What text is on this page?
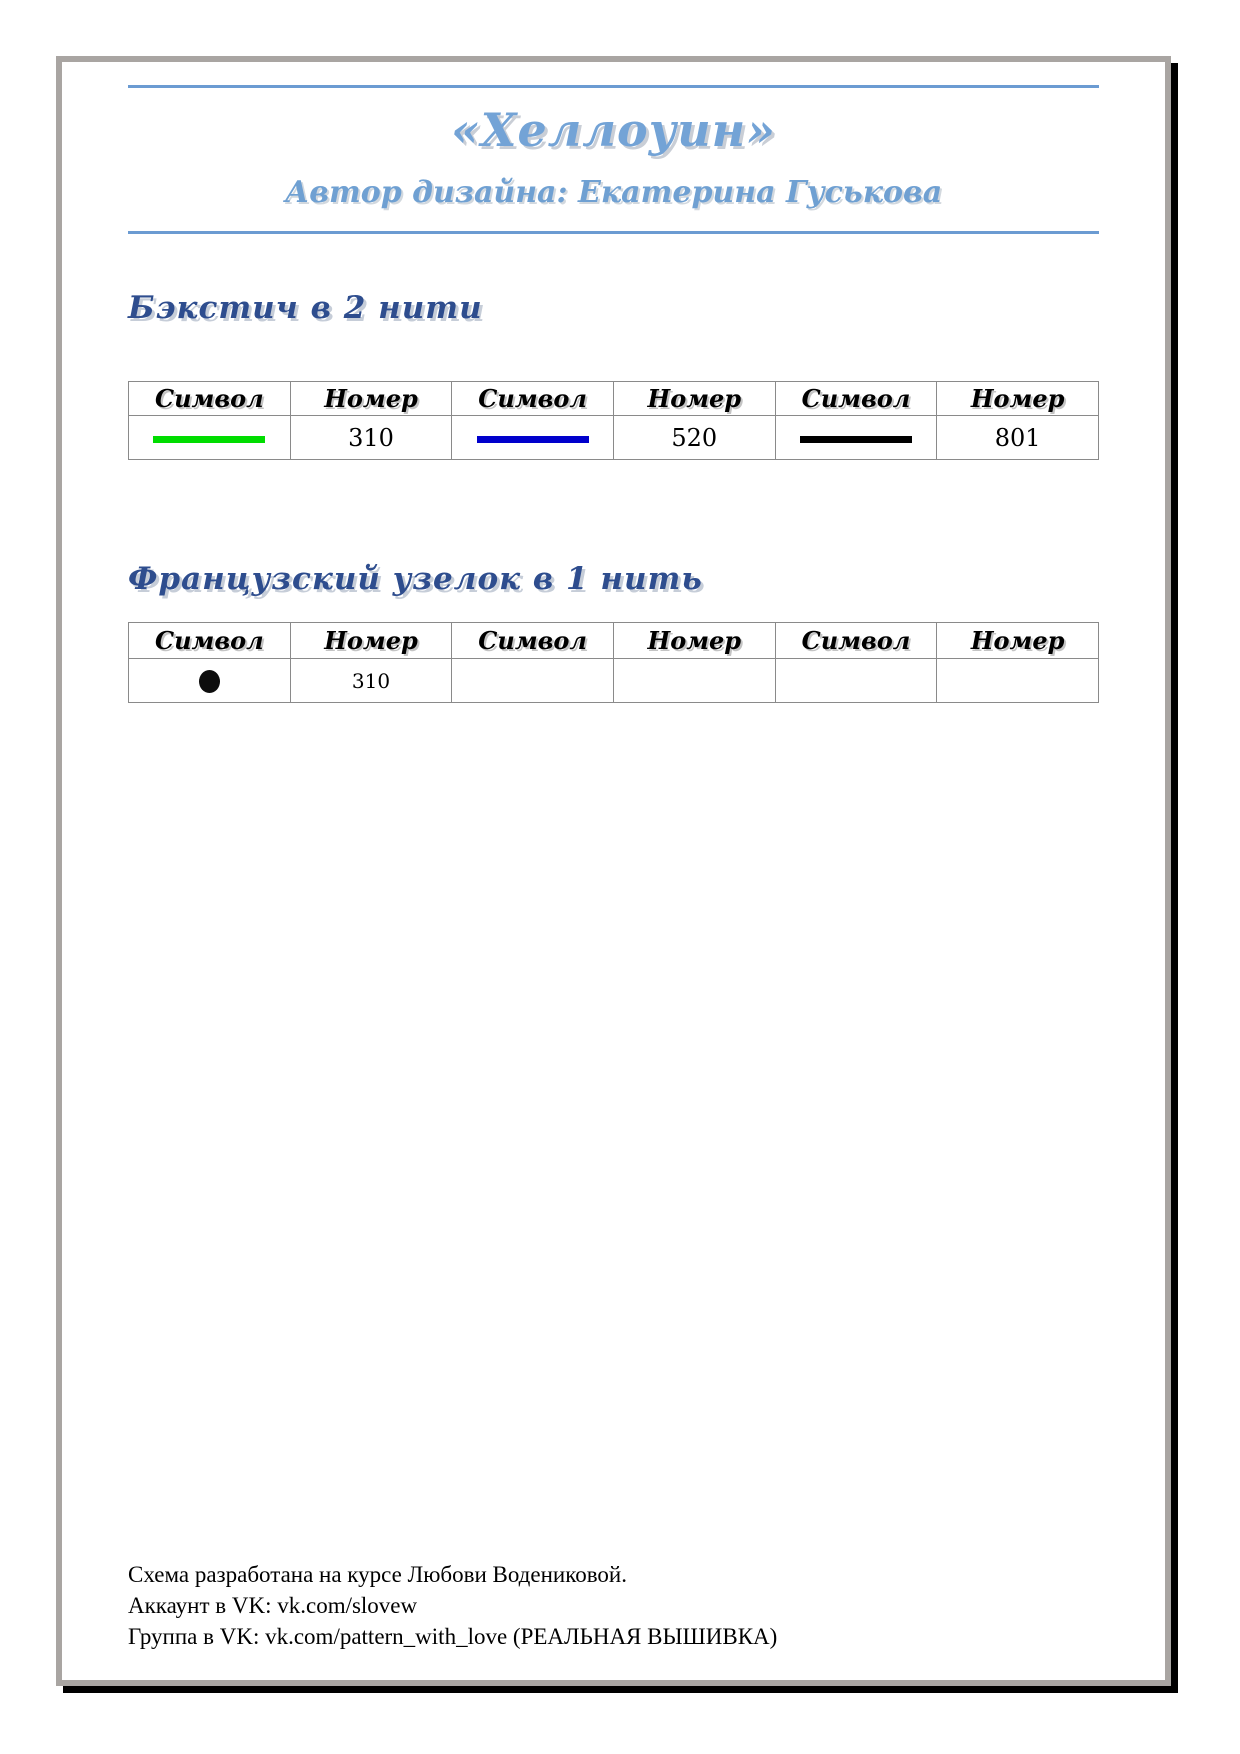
«Хеллоуин»
Автор дизайна: Екатерина Гуськова
Бэкстич в 2 нити
Символ	Номер	Символ	Номер	Символ	Номер
	310		520		801
Французский узелок в 1 нить
Символ	Номер	Символ	Номер	Символ	Номер
	310				
Схема разработана на курсе Любови Водениковой.
Аккаунт в VK: vk.com/slovew
Группа в VK: vk.com/pattern_with_love (РЕАЛЬНАЯ ВЫШИВКА)
